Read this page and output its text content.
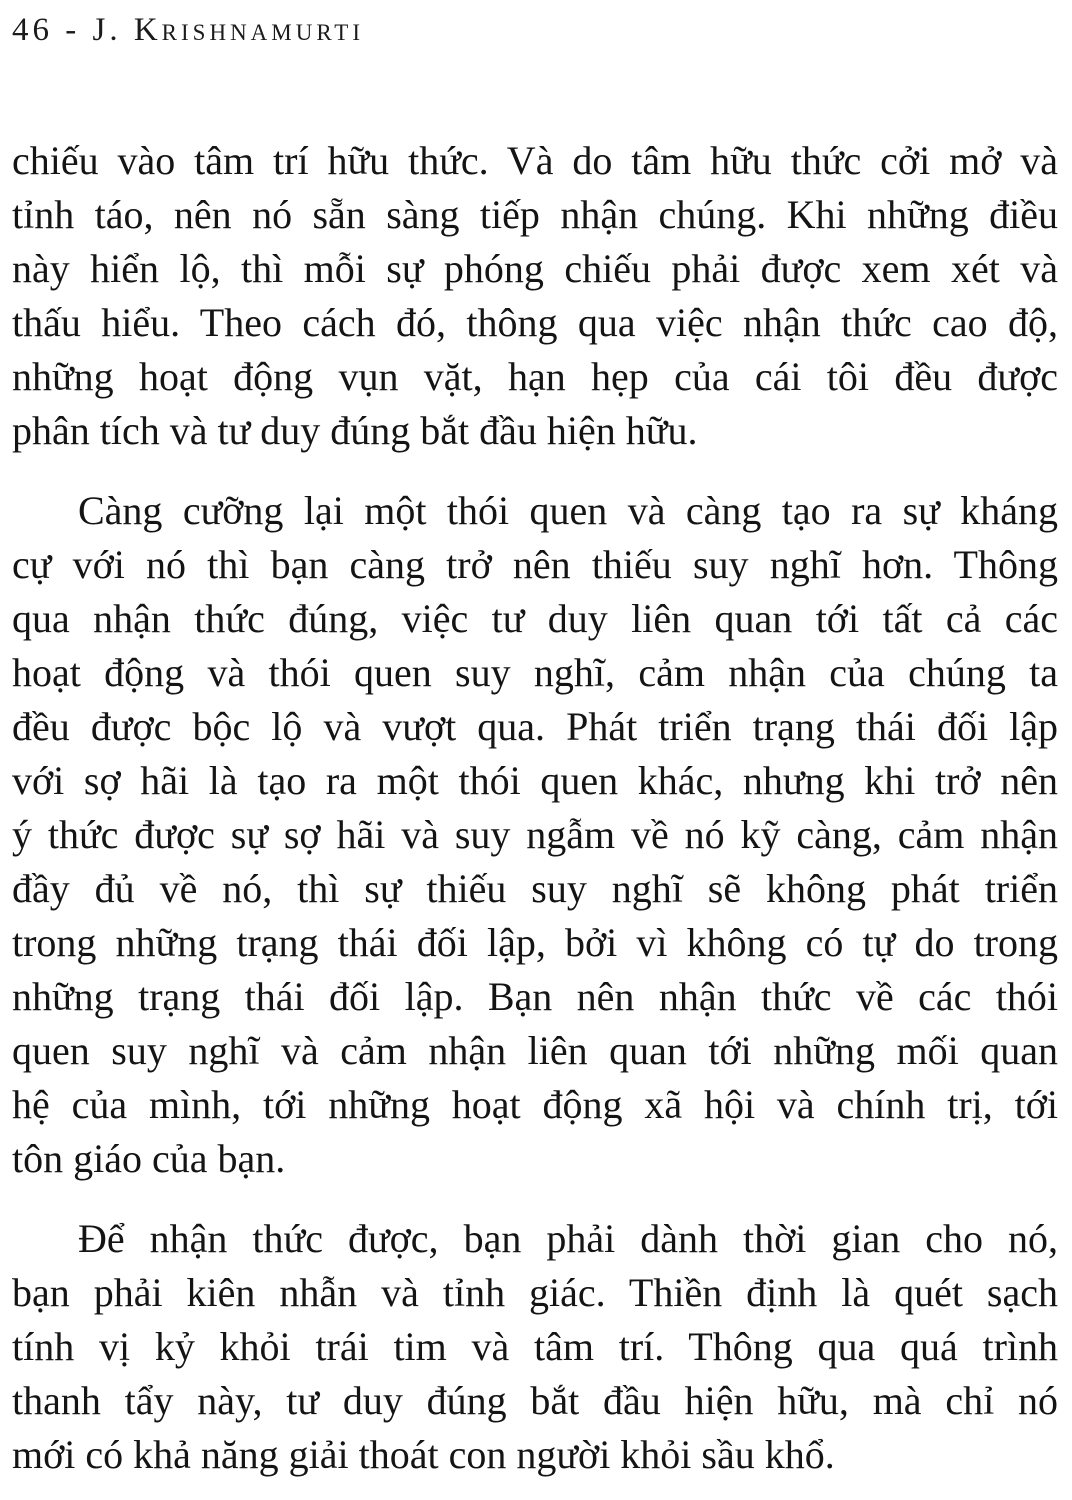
46 - J. Krishnamurti
chiếu vào tâm trí hữu thức. Và do tâm hữu thức cởi mở và
tỉnh táo, nên nó sẵn sàng tiếp nhận chúng. Khi những điều
này hiển lộ, thì mỗi sự phóng chiếu phải được xem xét và
thấu hiểu. Theo cách đó, thông qua việc nhận thức cao độ,
những hoạt động vụn vặt, hạn hẹp của cái tôi đều được
phân tích và tư duy đúng bắt đầu hiện hữu.
Càng cưỡng lại một thói quen và càng tạo ra sự kháng
cự với nó thì bạn càng trở nên thiếu suy nghĩ hơn. Thông
qua nhận thức đúng, việc tư duy liên quan tới tất cả các
hoạt động và thói quen suy nghĩ, cảm nhận của chúng ta
đều được bộc lộ và vượt qua. Phát triển trạng thái đối lập
với sợ hãi là tạo ra một thói quen khác, nhưng khi trở nên
ý thức được sự sợ hãi và suy ngẫm về nó kỹ càng, cảm nhận
đầy đủ về nó, thì sự thiếu suy nghĩ sẽ không phát triển
trong những trạng thái đối lập, bởi vì không có tự do trong
những trạng thái đối lập. Bạn nên nhận thức về các thói
quen suy nghĩ và cảm nhận liên quan tới những mối quan
hệ của mình, tới những hoạt động xã hội và chính trị, tới
tôn giáo của bạn.
Để nhận thức được, bạn phải dành thời gian cho nó,
bạn phải kiên nhẫn và tỉnh giác. Thiền định là quét sạch
tính vị kỷ khỏi trái tim và tâm trí. Thông qua quá trình
thanh tẩy này, tư duy đúng bắt đầu hiện hữu, mà chỉ nó
mới có khả năng giải thoát con người khỏi sầu khổ.
